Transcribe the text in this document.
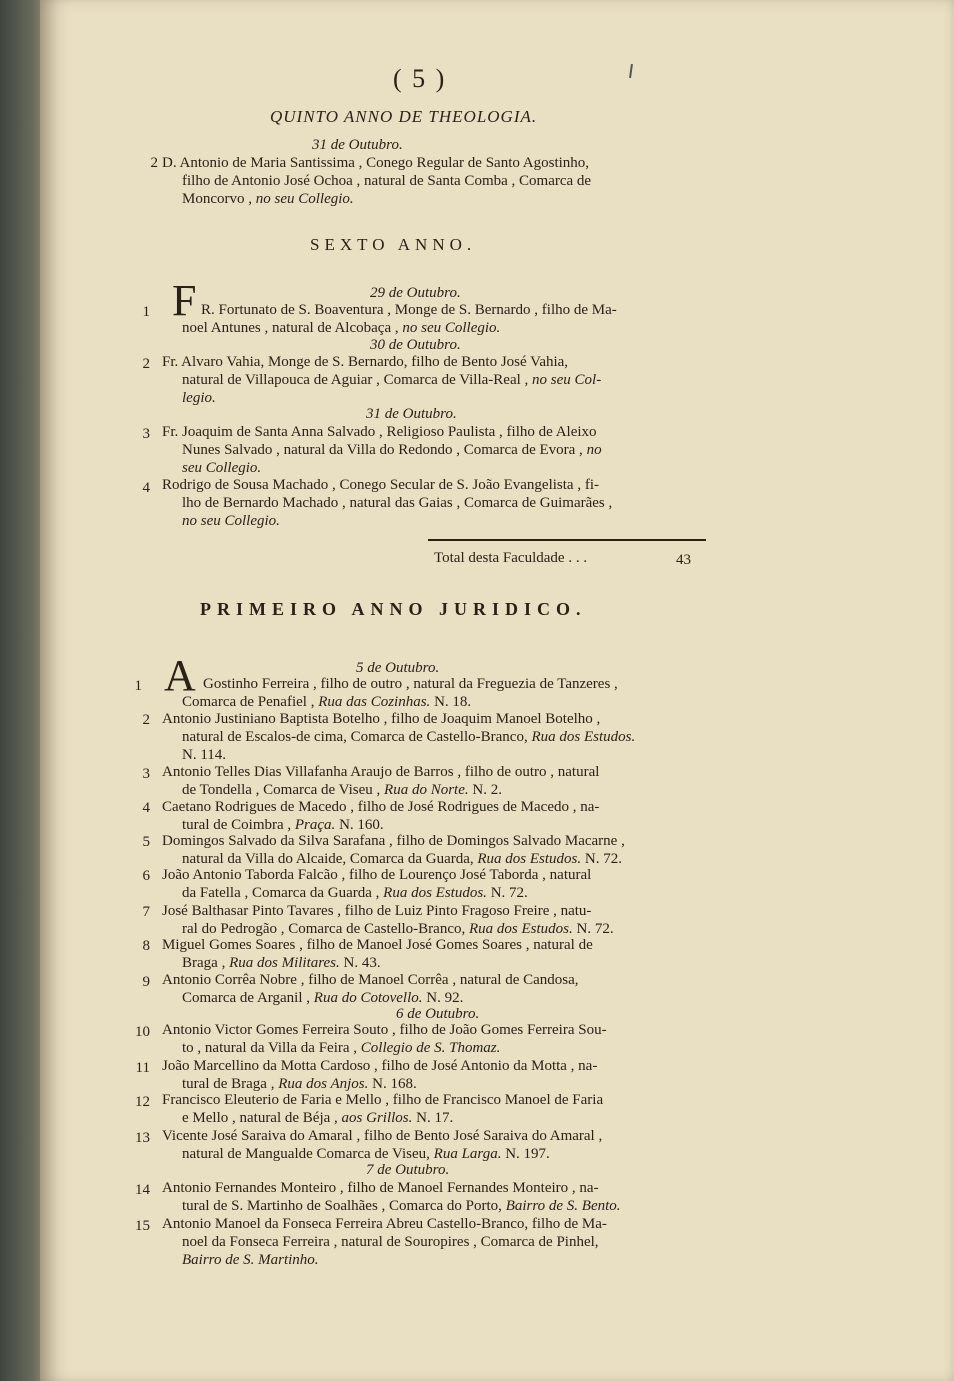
( 5 )
QUINTO ANNO DE THEOLOGIA.
31 de Outubro.
2 D. Antonio de Maria Santissima , Conego Regular de Santo Agostinho,
filho de Antonio José Ochoa , natural de Santa Comba , Comarca de
Moncorvo , no seu Collegio.
SEXTO ANNO.
29 de Outubro.
F
1	R. Fortunato de S. Boaventura , Monge de S. Bernardo , filho de Ma-
noel Antunes , natural de Alcobaça , no seu Collegio.
30 de Outubro.
2 Fr. Alvaro Vahia, Monge de S. Bernardo, filho de Bento José Vahia,
natural de Villapouca de Aguiar , Comarca de Villa-Real , no seu Col-
legio.
31 de Outubro.
3 Fr. Joaquim de Santa Anna Salvado , Religioso Paulista , filho de Aleixo
Nunes Salvado , natural da Villa do Redondo , Comarca de Evora , no
seu Collegio.
4 Rodrigo de Sousa Machado , Conego Secular de S. João Evangelista , fi-
lho de Bernardo Machado , natural das Gaias , Comarca de Guimarães ,
no seu Collegio.
Total desta Faculdade . . .	43
PRIMEIRO ANNO JURIDICO.
5 de Outubro.
A
1	Gostinho Ferreira , filho de outro , natural da Freguezia de Tanzeres ,
Comarca de Penafiel , Rua das Cozinhas. N. 18.
2 Antonio Justiniano Baptista Botelho , filho de Joaquim Manoel Botelho ,
natural de Escalos-de cima, Comarca de Castello-Branco, Rua dos Estudos.
N. 114.
3 Antonio Telles Dias Villafanha Araujo de Barros , filho de outro , natural
de Tondella , Comarca de Viseu , Rua do Norte. N. 2.
4 Caetano Rodrigues de Macedo , filho de José Rodrigues de Macedo , na-
tural de Coimbra , Praça. N. 160.
5 Domingos Salvado da Silva Sarafana , filho de Domingos Salvado Macarne ,
natural da Villa do Alcaide, Comarca da Guarda, Rua dos Estudos. N. 72.
6 João Antonio Taborda Falcão , filho de Lourenço José Taborda , natural
da Fatella , Comarca da Guarda , Rua dos Estudos. N. 72.
7 José Balthasar Pinto Tavares , filho de Luiz Pinto Fragoso Freire , natu-
ral do Pedrogão , Comarca de Castello-Branco, Rua dos Estudos. N. 72.
8 Miguel Gomes Soares , filho de Manoel José Gomes Soares , natural de
Braga , Rua dos Militares. N. 43.
9 Antonio Corrêa Nobre , filho de Manoel Corrêa , natural de Candosa,
Comarca de Arganil , Rua do Cotovello. N. 92.
6 de Outubro.
10 Antonio Victor Gomes Ferreira Souto , filho de João Gomes Ferreira Sou-
to , natural da Villa da Feira , Collegio de S. Thomaz.
11 João Marcellino da Motta Cardoso , filho de José Antonio da Motta , na-
tural de Braga , Rua dos Anjos. N. 168.
12 Francisco Eleuterio de Faria e Mello , filho de Francisco Manoel de Faria
e Mello , natural de Béja , aos Grillos. N. 17.
13 Vicente José Saraiva do Amaral , filho de Bento José Saraiva do Amaral ,
natural de Mangualde Comarca de Viseu, Rua Larga. N. 197.
7 de Outubro.
14 Antonio Fernandes Monteiro , filho de Manoel Fernandes Monteiro , na-
tural de S. Martinho de Soalhães , Comarca do Porto, Bairro de S. Bento.
15 Antonio Manoel da Fonseca Ferreira Abreu Castello-Branco, filho de Ma-
noel da Fonseca Ferreira , natural de Souropires , Comarca de Pinhel,
Bairro de S. Martinho.
